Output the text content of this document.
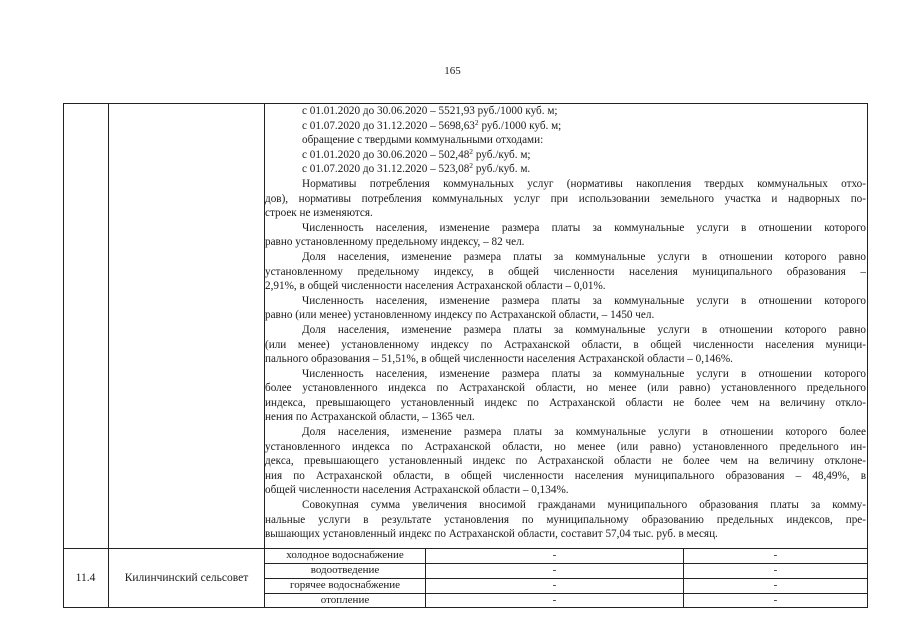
165
с 01.01.2020 до 30.06.2020 – 5521,93 руб./1000 куб. м;
с 01.07.2020 до 31.12.2020 – 5698,63$^2$ руб./1000 куб. м;
обращение с твердыми коммунальными отходами:
с 01.01.2020 до 30.06.2020 – 502,48$^2$ руб./куб. м;
с 01.07.2020 до 31.12.2020 – 523,08$^2$ руб./куб. м.
Нормативы потребления коммунальных услуг (нормативы накопления твердых коммунальных отхо-
дов), нормативы потребления коммунальных услуг при использовании земельного участка и надворных по-
строек не изменяются.
Численность населения, изменение размера платы за коммунальные услуги в отношении которого
равно установленному предельному индексу, – 82 чел.
Доля населения, изменение размера платы за коммунальные услуги в отношении которого равно
установленному предельному индексу, в общей численности населения муниципального образования –
2,91%, в общей численности населения Астраханской области – 0,01%.
Численность населения, изменение размера платы за коммунальные услуги в отношении которого
равно (или менее) установленному индексу по Астраханской области, – 1450 чел.
Доля населения, изменение размера платы за коммунальные услуги в отношении которого равно
(или менее) установленному индексу по Астраханской области, в общей численности населения муници-
пального образования – 51,51%, в общей численности населения Астраханской области – 0,146%.
Численность населения, изменение размера платы за коммунальные услуги в отношении которого
более установленного индекса по Астраханской области, но менее (или равно) установленного предельного
индекса, превышающего установленный индекс по Астраханской области не более чем на величину откло-
нения по Астраханской области, – 1365 чел.
Доля населения, изменение размера платы за коммунальные услуги в отношении которого более
установленного индекса по Астраханской области, но менее (или равно) установленного предельного ин-
декса, превышающего установленный индекс по Астраханской области не более чем на величину отклоне-
ния по Астраханской области, в общей численности населения муниципального образования – 48,49%, в
общей численности населения Астраханской области – 0,134%.
Совокупная сумма увеличения вносимой гражданами муниципального образования платы за комму-
нальные услуги в результате установления по муниципальному образованию предельных индексов, пре-
вышающих установленный индекс по Астраханской области, составит 57,04 тыс. руб. в месяц.
11.4	Килинчинский сельсовет
холодное водоснабжение
водоотведение
горячее водоснабжение
отопление
-
-
-
-
-
-
-
-
